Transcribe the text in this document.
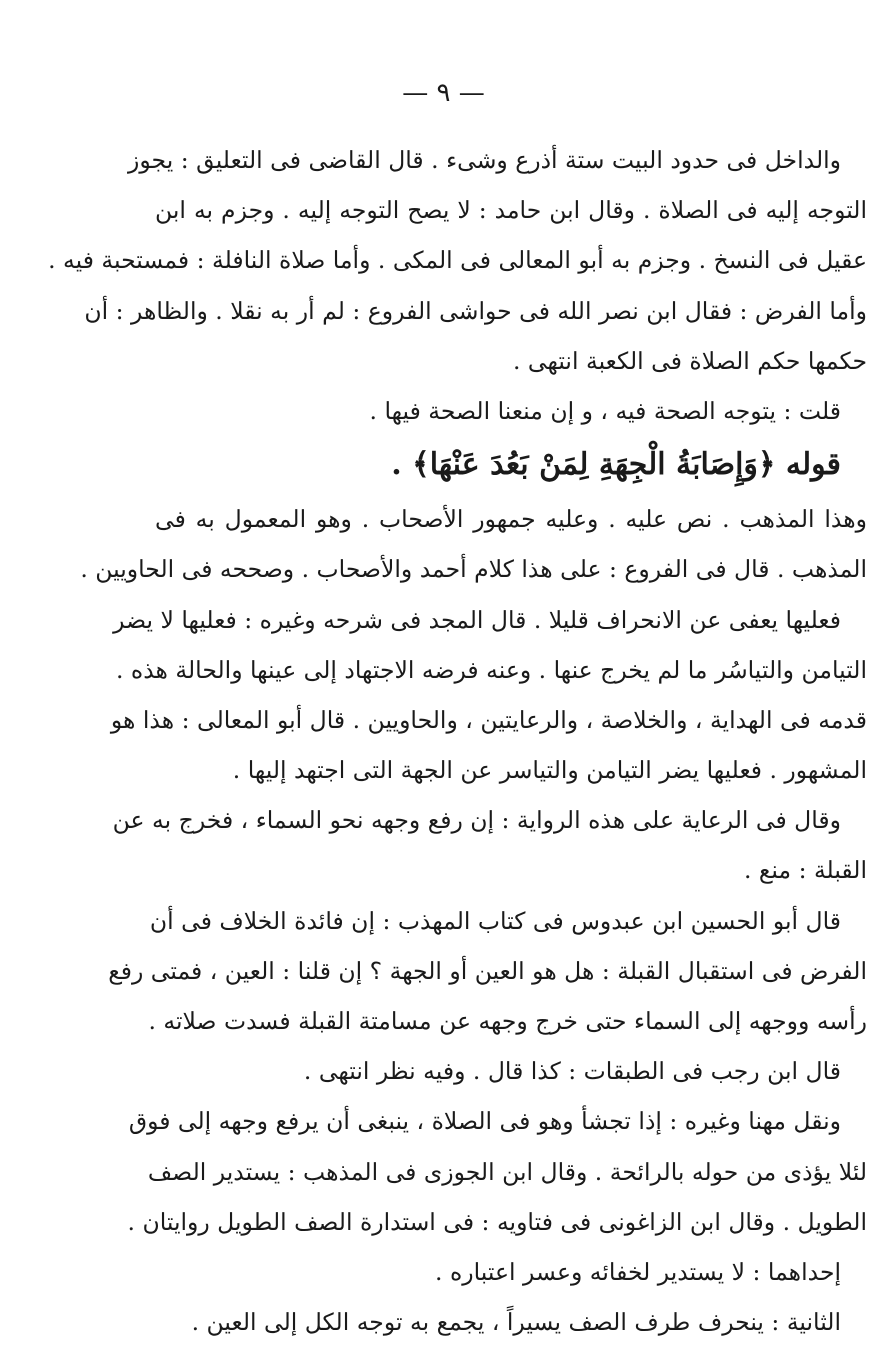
— ٩ —
والداخل فى حدود البيت ستة أذرع وشىء . قال القاضى فى التعليق : يجوز
التوجه إليه فى الصلاة . وقال ابن حامد : لا يصح التوجه إليه . وجزم به ابن
عقيل فى النسخ . وجزم به أبو المعالى فى المكى . وأما صلاة النافلة : فمستحبة فيه .
وأما الفرض : فقال ابن نصر الله فى حواشى الفروع : لم أر به نقلا . والظاهر : أن
حكمها حكم الصلاة فى الكعبة انتهى .
قلت : يتوجه الصحة فيه ، و إن منعنا الصحة فيها .
قوله ﴿وَإِصَابَةُ الْجِهَةِ لِمَنْ بَعُدَ عَنْهَا﴾ .
وهذا المذهب . نص عليه . وعليه جمهور الأصحاب . وهو المعمول به فى
المذهب . قال فى الفروع : على هذا كلام أحمد والأصحاب . وصححه فى الحاويين .
فعليها يعفى عن الانحراف قليلا . قال المجد فى شرحه وغيره : فعليها لا يضر
التيامن والتياسُر ما لم يخرج عنها . وعنه فرضه الاجتهاد إلى عينها والحالة هذه .
قدمه فى الهداية ، والخلاصة ، والرعايتين ، والحاويين . قال أبو المعالى : هذا هو
المشهور . فعليها يضر التيامن والتياسر عن الجهة التى اجتهد إليها .
وقال فى الرعاية على هذه الرواية : إن رفع وجهه نحو السماء ، فخرج به عن
القبلة : منع .
قال أبو الحسين ابن عبدوس فى كتاب المهذب : إن فائدة الخلاف فى أن
الفرض فى استقبال القبلة : هل هو العين أو الجهة ؟ إن قلنا : العين ، فمتى رفع
رأسه ووجهه إلى السماء حتى خرج وجهه عن مسامتة القبلة فسدت صلاته .
قال ابن رجب فى الطبقات : كذا قال . وفيه نظر انتهى .
ونقل مهنا وغيره : إذا تجشأ وهو فى الصلاة ، ينبغى أن يرفع وجهه إلى فوق
لئلا يؤذى من حوله بالرائحة . وقال ابن الجوزى فى المذهب : يستدير الصف
الطويل . وقال ابن الزاغونى فى فتاويه : فى استدارة الصف الطويل روايتان .
إحداهما : لا يستدير لخفائه وعسر اعتباره .
الثانية : ينحرف طرف الصف يسيراً ، يجمع به توجه الكل إلى العين .
